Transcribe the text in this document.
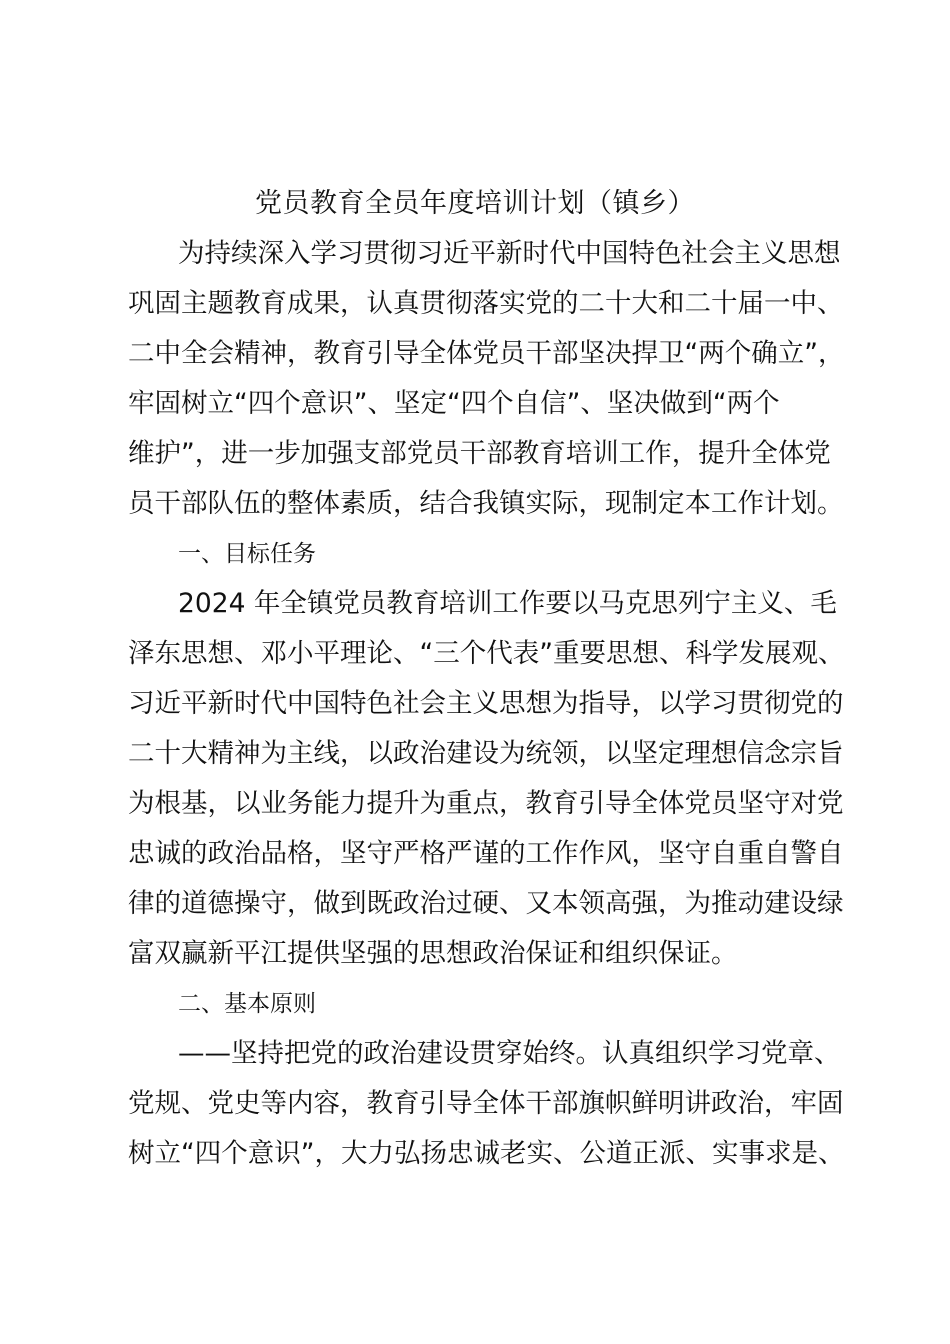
党员教育全员年度培训计划（镇乡）
为持续深入学习贯彻习近平新时代中国特色社会主义思想
巩固主题教育成果，认真贯彻落实党的二十大和二十届一中、
二中全会精神，教育引导全体党员干部坚决捍卫“两个确立”，
牢固树立“四个意识”、坚定“四个自信”、坚决做到“两个
维护”，进一步加强支部党员干部教育培训工作，提升全体党
员干部队伍的整体素质，结合我镇实际，现制定本工作计划。
一、目标任务
2024 年全镇党员教育培训工作要以马克思列宁主义、毛
泽东思想、邓小平理论、“三个代表”重要思想、科学发展观、
习近平新时代中国特色社会主义思想为指导，以学习贯彻党的
二十大精神为主线，以政治建设为统领，以坚定理想信念宗旨
为根基，以业务能力提升为重点，教育引导全体党员坚守对党
忠诚的政治品格，坚守严格严谨的工作作风，坚守自重自警自
律的道德操守，做到既政治过硬、又本领高强，为推动建设绿
富双赢新平江提供坚强的思想政治保证和组织保证。
二、基本原则
——坚持把党的政治建设贯穿始终。认真组织学习党章、
党规、党史等内容，教育引导全体干部旗帜鲜明讲政治，牢固
树立“四个意识”，大力弘扬忠诚老实、公道正派、实事求是、
